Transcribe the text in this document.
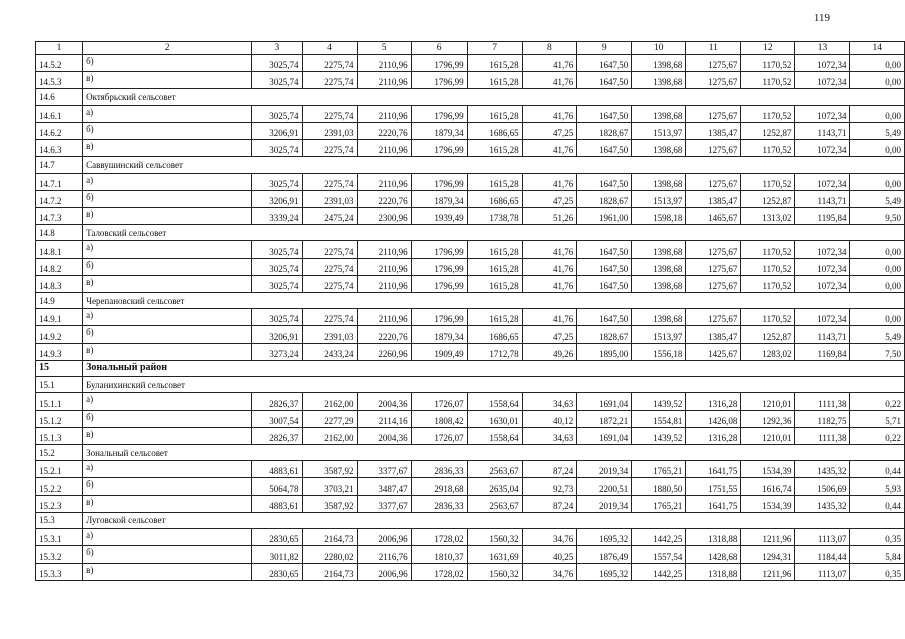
119
1	2	3	4	5	6	7	8	9	10	11	12	13	14
14.5.2	б)	3025,74	2275,74	2110,96	1796,99	1615,28	41,76	1647,50	1398,68	1275,67	1170,52	1072,34	0,00
14.5.3	в)	3025,74	2275,74	2110,96	1796,99	1615,28	41,76	1647,50	1398,68	1275,67	1170,52	1072,34	0,00
14.6	Октябрьский сельсовет												
14.6.1	а)	3025,74	2275,74	2110,96	1796,99	1615,28	41,76	1647,50	1398,68	1275,67	1170,52	1072,34	0,00
14.6.2	б)	3206,91	2391,03	2220,76	1879,34	1686,65	47,25	1828,67	1513,97	1385,47	1252,87	1143,71	5,49
14.6.3	в)	3025,74	2275,74	2110,96	1796,99	1615,28	41,76	1647,50	1398,68	1275,67	1170,52	1072,34	0,00
14.7	Саввушинский сельсовет												
14.7.1	а)	3025,74	2275,74	2110,96	1796,99	1615,28	41,76	1647,50	1398,68	1275,67	1170,52	1072,34	0,00
14.7.2	б)	3206,91	2391,03	2220,76	1879,34	1686,65	47,25	1828,67	1513,97	1385,47	1252,87	1143,71	5,49
14.7.3	в)	3339,24	2475,24	2300,96	1939,49	1738,78	51,26	1961,00	1598,18	1465,67	1313,02	1195,84	9,50
14.8	Таловский сельсовет												
14.8.1	а)	3025,74	2275,74	2110,96	1796,99	1615,28	41,76	1647,50	1398,68	1275,67	1170,52	1072,34	0,00
14.8.2	б)	3025,74	2275,74	2110,96	1796,99	1615,28	41,76	1647,50	1398,68	1275,67	1170,52	1072,34	0,00
14.8.3	в)	3025,74	2275,74	2110,96	1796,99	1615,28	41,76	1647,50	1398,68	1275,67	1170,52	1072,34	0,00
14.9	Черепановский сельсовет												
14.9.1	а)	3025,74	2275,74	2110,96	1796,99	1615,28	41,76	1647,50	1398,68	1275,67	1170,52	1072,34	0,00
14.9.2	б)	3206,91	2391,03	2220,76	1879,34	1686,65	47,25	1828,67	1513,97	1385,47	1252,87	1143,71	5,49
14.9.3	в)	3273,24	2433,24	2260,96	1909,49	1712,78	49,26	1895,00	1556,18	1425,67	1283,02	1169,84	7,50
15	Зональный район												
15.1	Буланихинский сельсовет												
15.1.1	а)	2826,37	2162,00	2004,36	1726,07	1558,64	34,63	1691,04	1439,52	1316,28	1210,01	1111,38	0,22
15.1.2	б)	3007,54	2277,29	2114,16	1808,42	1630,01	40,12	1872,21	1554,81	1426,08	1292,36	1182,75	5,71
15.1.3	в)	2826,37	2162,00	2004,36	1726,07	1558,64	34,63	1691,04	1439,52	1316,28	1210,01	1111,38	0,22
15.2	Зональный сельсовет												
15.2.1	а)	4883,61	3587,92	3377,67	2836,33	2563,67	87,24	2019,34	1765,21	1641,75	1534,39	1435,32	0,44
15.2.2	б)	5064,78	3703,21	3487,47	2918,68	2635,04	92,73	2200,51	1880,50	1751,55	1616,74	1506,69	5,93
15.2.3	в)	4883,61	3587,92	3377,67	2836,33	2563,67	87,24	2019,34	1765,21	1641,75	1534,39	1435,32	0,44
15.3	Луговской сельсовет												
15.3.1	а)	2830,65	2164,73	2006,96	1728,02	1560,32	34,76	1695,32	1442,25	1318,88	1211,96	1113,07	0,35
15.3.2	б)	3011,82	2280,02	2116,76	1810,37	1631,69	40,25	1876,49	1557,54	1428,68	1294,31	1184,44	5,84
15.3.3	в)	2830,65	2164,73	2006,96	1728,02	1560,32	34,76	1695,32	1442,25	1318,88	1211,96	1113,07	0,35
